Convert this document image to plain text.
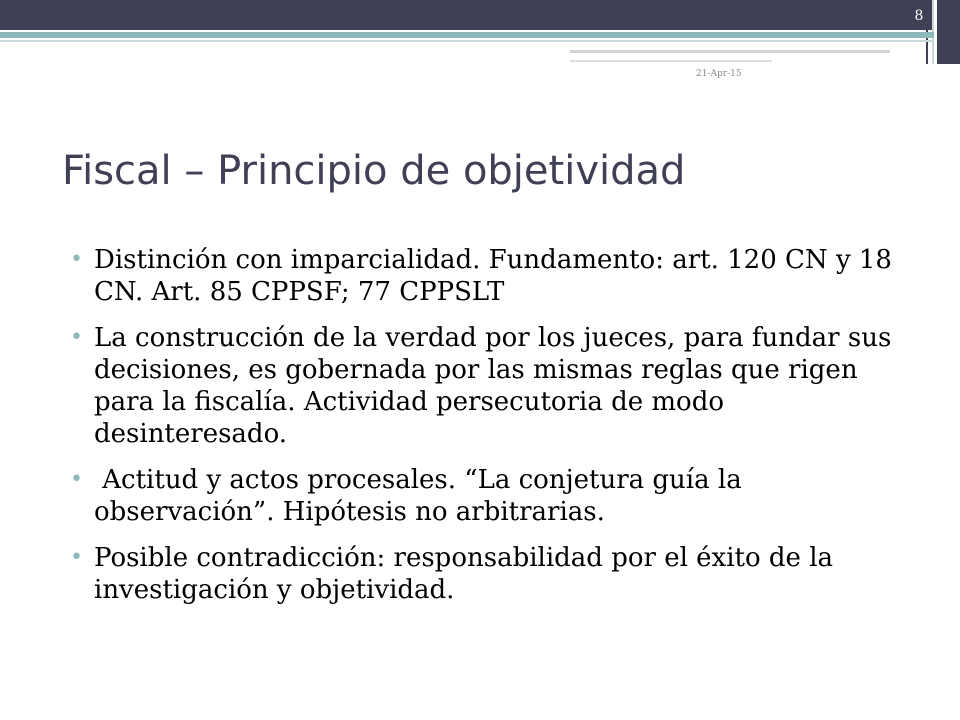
8
21-Apr-15
Fiscal – Principio de objetividad
• Distinción con imparcialidad. Fundamento: art. 120 CN y 18 CN. Art. 85 CPPSF; 77 CPPSLT
• La construcción de la verdad por los jueces, para fundar sus decisiones, es gobernada por las mismas reglas que rigen para la fiscalía. Actividad persecutoria de modo desinteresado.
• Actitud y actos procesales. “La conjetura guía la observación”. Hipótesis no arbitrarias.
• Posible contradicción: responsabilidad por el éxito de la investigación y objetividad.
